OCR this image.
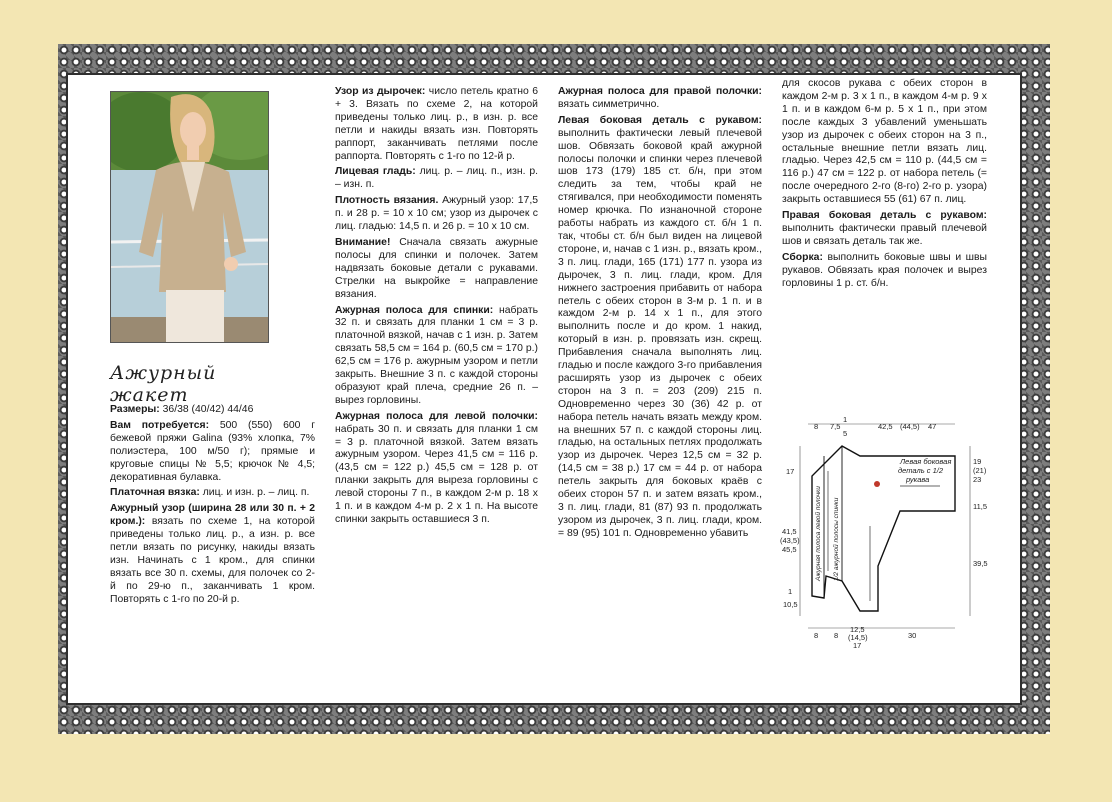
Ажурный жакет

Размеры: 36/38 (40/42) 44/46

Вам потребуется: 500 (550) 600 г бежевой пряжи Galina (93% хлопка, 7% полиэстера, 100 м/50 г); прямые и круговые спицы № 5,5; крючок № 4,5; декоративная булавка.

Платочная вязка: лиц. и изн. р. – лиц. п.

Ажурный узор (ширина 28 или 30 п. + 2 кром.): вязать по схеме 1, на которой приведены только лиц. р., а изн. р. все петли вязать по рисунку, накиды вязать изн. Начинать с 1 кром., для спинки вязать все 30 п. схемы, для полочек со 2-й по 29-ю п., заканчивать 1 кром. Повторять с 1-го по 20-й р.

Узор из дырочек: число петель кратно 6 + 3. Вязать по схеме 2, на которой приведены только лиц. р., в изн. р. все петли и накиды вязать изн. Повторять раппорт, заканчивать петлями после раппорта. Повторять с 1-го по 12-й р.

Лицевая гладь: лиц. р. – лиц. п., изн. р. – изн. п.

Плотность вязания. Ажурный узор: 17,5 п. и 28 р. = 10 х 10 см; узор из дырочек с лиц. гладью: 14,5 п. и 26 р. = 10 х 10 см.

Внимание! Сначала связать ажурные полосы для спинки и полочек. Затем надвязать боковые детали с рукавами. Стрелки на выкройке = направление вязания.

Ажурная полоса для спинки: набрать 32 п. и связать для планки 1 см = 3 р. платочной вязкой, начав с 1 изн. р. Затем связать 58,5 см = 164 р. (60,5 см = 170 р.) 62,5 см = 176 р. ажурным узором и петли закрыть. Внешние 3 п. с каждой стороны образуют край плеча, средние 26 п. – вырез горловины.

Ажурная полоса для левой полочки: набрать 30 п. и связать для планки 1 см = 3 р. платочной вязкой. Затем вязать ажурным узором. Через 41,5 см = 116 р. (43,5 см = 122 р.) 45,5 см = 128 р. от планки закрыть для выреза горловины с левой стороны 7 п., в каждом 2-м р. 18 х 1 п. и в каждом 4-м р. 2 х 1 п. На высоте спинки закрыть оставшиеся 3 п.

Ажурная полоса для правой полочки: вязать симметрично.

Левая боковая деталь с рукавом: выполнить фактически левый плечевой шов. Обвязать боковой край ажурной полосы полочки и спинки через плечевой шов 173 (179) 185 ст. б/н, при этом следить за тем, чтобы край не стягивался, при необходимости поменять номер крючка. По изнаночной стороне работы набрать из каждого ст. б/н 1 п. так, чтобы ст. б/н был виден на лицевой стороне, и, начав с 1 изн. р., вязать кром., 3 п. лиц. глади, 165 (171) 177 п. узора из дырочек, 3 п. лиц. глади, кром. Для нижнего застроения прибавить от набора петель с обеих сторон в 3-м р. 1 п. и в каждом 2-м р. 14 х 1 п., для этого выполнить после и до кром. 1 накид, который в изн. р. провязать изн. скрещ. Прибавления сначала выполнять лиц. гладью и после каждого 3-го прибавления расширять узор из дырочек с обеих сторон на 3 п. = 203 (209) 215 п. Одновременно через 30 (36) 42 р. от набора петель начать вязать между кром. на внешних 57 п. с каждой стороны лиц. гладью, на остальных петлях продолжать узор из дырочек. Через 12,5 см = 32 р. (14,5 см = 38 р.) 17 см = 44 р. от набора петель закрыть для боковых краёв с обеих сторон 57 п. и затем вязать кром., 3 п. лиц. глади, 81 (87) 93 п. продолжать узором из дырочек, 3 п. лиц. глади, кром. = 89 (95) 101 п. Одновременно убавить

для скосов рукава с обеих сторон в каждом 2-м р. 3 х 1 п., в каждом 4-м р. 9 х 1 п. и в каждом 6-м р. 5 х 1 п., при этом после каждых 3 убавлений уменьшать узор из дырочек с обеих сторон на 3 п., остальные внешние петли вязать лиц. гладью. Через 42,5 см = 110 р. (44,5 см = 116 р.) 47 см = 122 р. от набора петель (= после очередного 2-го (8-го) 2-го р. узора) закрыть оставшиеся 55 (61) 67 п. лиц.

Правая боковая деталь с рукавом: выполнить фактически правый плечевой шов и связать деталь так же.

Сборка: выполнить боковые швы и швы рукавов. Обвязать края полочек и вырез горловины 1 р. ст. б/н.

8 7,5
1
5
42,5 (44,5) 47
17
19
(21)
23
11,5
39,5
41,5
(43,5)
45,5
1
10,5
8 8
12,5
(14,5)
17
30
Левая боковая
деталь с 1/2
рукава
Ажурная полоса левой полочки 1/2 ажурной полосы спинки
